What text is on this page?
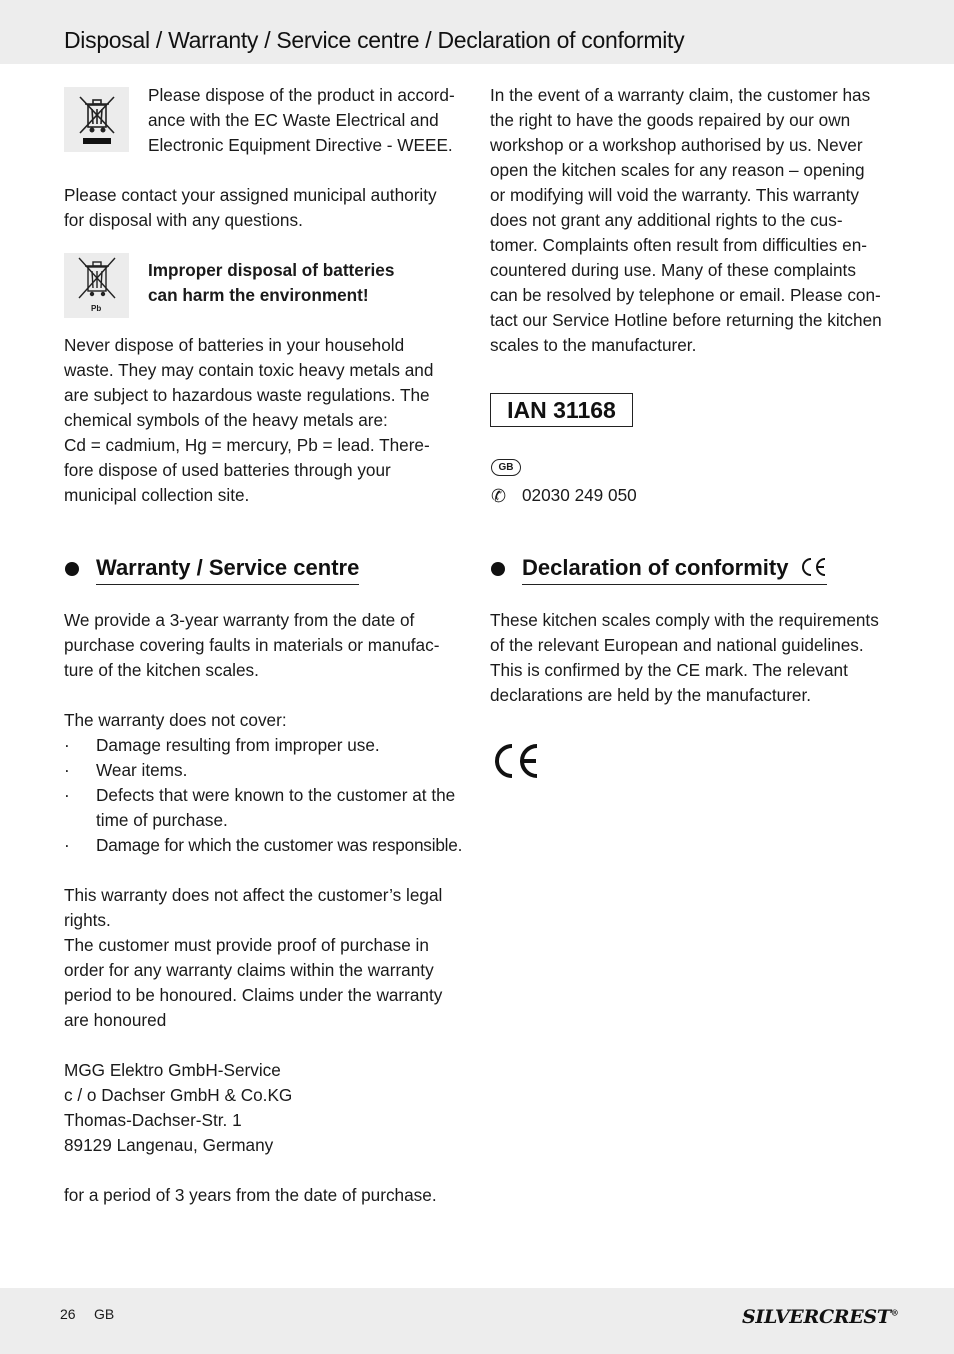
Disposal / Warranty / Service centre / Declaration of conformity

Please dispose of the product in accord-
ance with the EC Waste Electrical and
Electronic Equipment Directive - WEEE.

Please contact your assigned municipal authority
for disposal with any questions.

Pb

Improper disposal of batteries
can harm the environment!

Never dispose of batteries in your household
waste. They may contain toxic heavy metals and
are subject to hazardous waste regulations. The
chemical symbols of the heavy metals are:
Cd = cadmium, Hg = mercury, Pb = lead. There-
fore dispose of used batteries through your
municipal collection site.

Warranty / Service centre

We provide a 3-year warranty from the date of
purchase covering faults in materials or manufac-
ture of the kitchen scales.

The warranty does not cover:

· Damage resulting from improper use.
· Wear items.
· Defects that were known to the customer at the
time of purchase.
· Damage for which the customer was responsible.

This warranty does not affect the customer’s legal
rights.
The customer must provide proof of purchase in
order for any warranty claims within the warranty
period to be honoured. Claims under the warranty
are honoured

MGG Elektro GmbH-Service
c / o Dachser GmbH & Co.KG
Thomas-Dachser-Str. 1
89129 Langenau, Germany

for a period of 3 years from the date of purchase.

In the event of a warranty claim, the customer has
the right to have the goods repaired by our own
workshop or a workshop authorised by us. Never
open the kitchen scales for any reason – opening
or modifying will void the warranty. This warranty
does not grant any additional rights to the cus-
tomer. Complaints often result from difficulties en-
countered during use. Many of these complaints
can be resolved by telephone or email. Please con-
tact our Service Hotline before returning the kitchen
scales to the manufacturer.

IAN 31168
GB
✆ 02030 249 050
Declaration of conformity

These kitchen scales comply with the requirements
of the relevant European and national guidelines.
This is confirmed by the CE mark. The relevant
declarations are held by the manufacturer.

26 GB	SILVERCREST®
